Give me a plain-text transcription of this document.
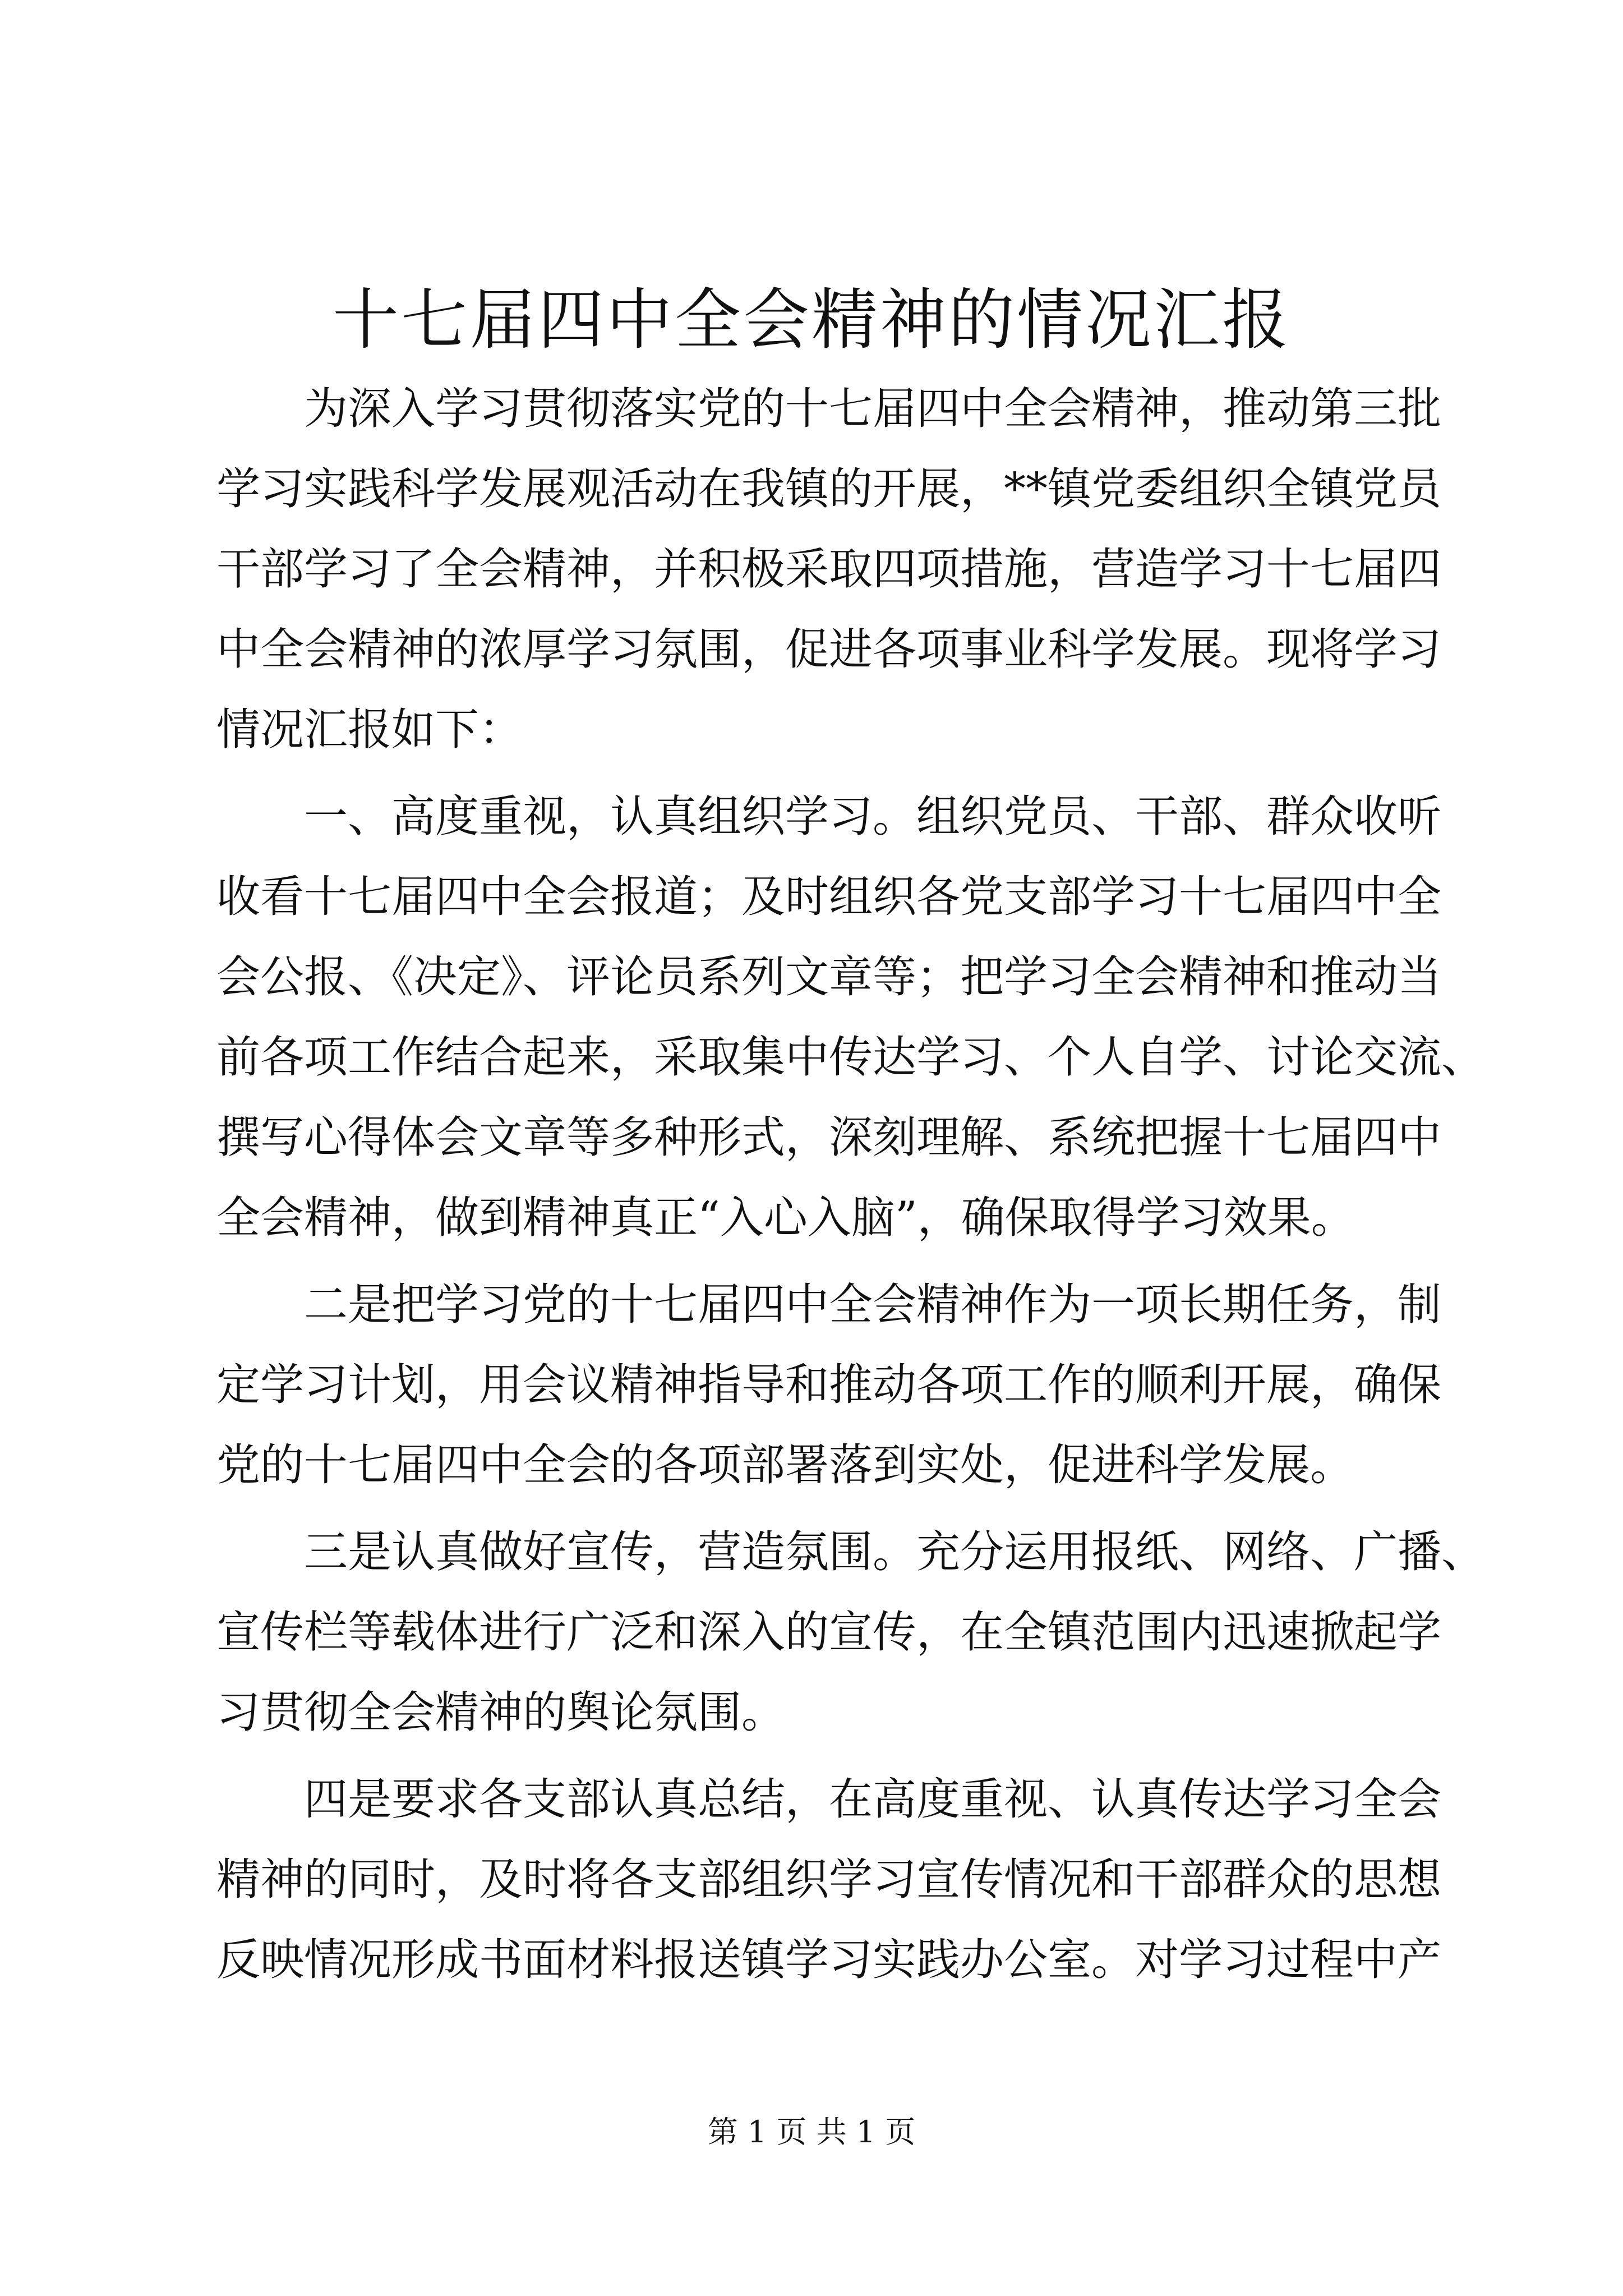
十七届四中全会精神的情况汇报

为深入学习贯彻落实党的十七届四中全会精神，推动第三批
学习实践科学发展观活动在我镇的开展，**镇党委组织全镇党员
干部学习了全会精神，并积极采取四项措施，营造学习十七届四
中全会精神的浓厚学习氛围，促进各项事业科学发展。现将学习
情况汇报如下：

一、高度重视，认真组织学习。组织党员、干部、群众收听
收看十七届四中全会报道；及时组织各党支部学习十七届四中全
会公报、《决定》、评论员系列文章等；把学习全会精神和推动当
前各项工作结合起来，采取集中传达学习、个人自学、讨论交流、
撰写心得体会文章等多种形式，深刻理解、系统把握十七届四中
全会精神，做到精神真正“入心入脑”，确保取得学习效果。

二是把学习党的十七届四中全会精神作为一项长期任务，制
定学习计划，用会议精神指导和推动各项工作的顺利开展，确保
党的十七届四中全会的各项部署落到实处，促进科学发展。

三是认真做好宣传，营造氛围。充分运用报纸、网络、广播、
宣传栏等载体进行广泛和深入的宣传，在全镇范围内迅速掀起学
习贯彻全会精神的舆论氛围。

四是要求各支部认真总结，在高度重视、认真传达学习全会
精神的同时，及时将各支部组织学习宣传情况和干部群众的思想
反映情况形成书面材料报送镇学习实践办公室。对学习过程中产

第 1 页 共 1 页
